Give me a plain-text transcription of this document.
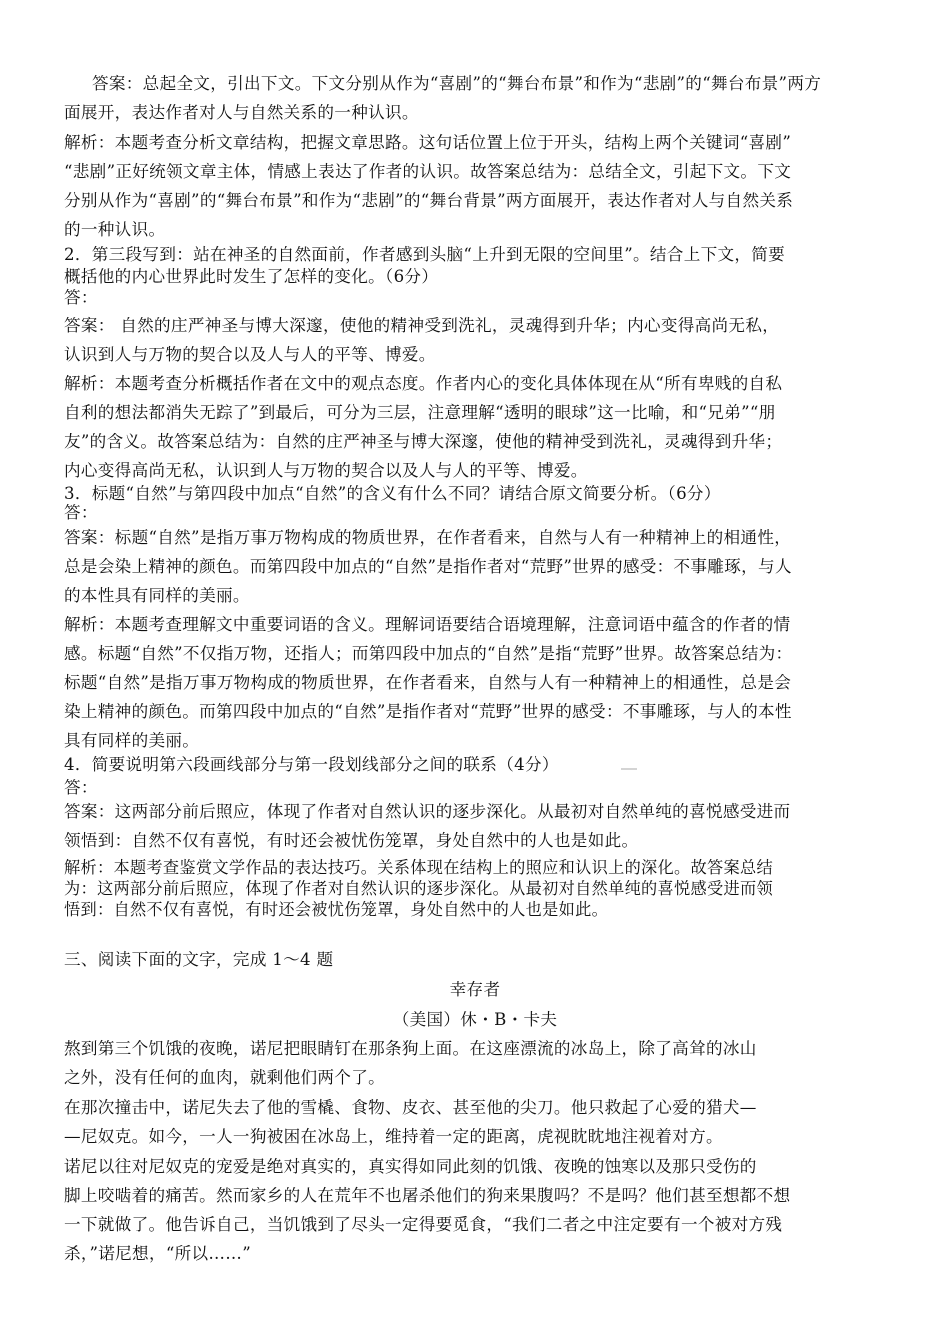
答案：总起全文，引出下文。下文分别从作为“喜剧”的“舞台布景”和作为“悲剧”的“舞台布景”两方
面展开，表达作者对人与自然关系的一种认识。
解析：本题考查分析文章结构，把握文章思路。这句话位置上位于开头，结构上两个关键词“喜剧”
“悲剧”正好统领文章主体，情感上表达了作者的认识。故答案总结为：总结全文，引起下文。下文
分别从作为“喜剧”的“舞台布景”和作为“悲剧”的“舞台背景”两方面展开，表达作者对人与自然关系
的一种认识。
2．第三段写到：站在神圣的自然面前，作者感到头脑“上升到无限的空间里”。结合上下文，简要
概括他的内心世界此时发生了怎样的变化。（6分）
答：
答案： 自然的庄严神圣与博大深邃，使他的精神受到洗礼，灵魂得到升华；内心变得高尚无私，
认识到人与万物的契合以及人与人的平等、博爱。
解析：本题考查分析概括作者在文中的观点态度。作者内心的变化具体体现在从“所有卑贱的自私
自利的想法都消失无踪了”到最后，可分为三层，注意理解“透明的眼球”这一比喻，和“兄弟”“朋
友”的含义。故答案总结为：自然的庄严神圣与博大深邃，使他的精神受到洗礼，灵魂得到升华；
内心变得高尚无私，认识到人与万物的契合以及人与人的平等、博爱。
3．标题“自然”与第四段中加点“自然”的含义有什么不同？请结合原文简要分析。（6分）
答：
答案：标题“自然”是指万事万物构成的物质世界，在作者看来，自然与人有一种精神上的相通性，
总是会染上精神的颜色。而第四段中加点的“自然”是指作者对“荒野”世界的感受：不事雕琢，与人
的本性具有同样的美丽。
解析：本题考查理解文中重要词语的含义。理解词语要结合语境理解，注意词语中蕴含的作者的情
感。标题“自然”不仅指万物，还指人；而第四段中加点的“自然”是指“荒野”世界。故答案总结为：
标题“自然”是指万事万物构成的物质世界，在作者看来，自然与人有一种精神上的相通性，总是会
染上精神的颜色。而第四段中加点的“自然”是指作者对“荒野”世界的感受：不事雕琢，与人的本性
具有同样的美丽。
4．简要说明第六段画线部分与第一段划线部分之间的联系（4分）
答：
答案：这两部分前后照应，体现了作者对自然认识的逐步深化。从最初对自然单纯的喜悦感受进而
领悟到：自然不仅有喜悦，有时还会被忧伤笼罩，身处自然中的人也是如此。
解析：本题考查鉴赏文学作品的表达技巧。关系体现在结构上的照应和认识上的深化。故答案总结
为：这两部分前后照应，体现了作者对自然认识的逐步深化。从最初对自然单纯的喜悦感受进而领
悟到：自然不仅有喜悦，有时还会被忧伤笼罩，身处自然中的人也是如此。
三、阅读下面的文字，完成 1～4 题
幸存者
（美国）休・B・卡夫
熬到第三个饥饿的夜晚，诺尼把眼睛钉在那条狗上面。在这座漂流的冰岛上，除了高耸的冰山
之外，没有任何的血肉，就剩他们两个了。
在那次撞击中，诺尼失去了他的雪橇、食物、皮衣、甚至他的尖刀。他只救起了心爱的猎犬—
—尼奴克。如今，一人一狗被困在冰岛上，维持着一定的距离，虎视眈眈地注视着对方。
诺尼以往对尼奴克的宠爱是绝对真实的，真实得如同此刻的饥饿、夜晚的蚀寒以及那只受伤的
脚上咬啮着的痛苦。然而家乡的人在荒年不也屠杀他们的狗来果腹吗？不是吗？他们甚至想都不想
一下就做了。他告诉自己，当饥饿到了尽头一定得要觅食，“我们二者之中注定要有一个被对方残
杀，”诺尼想，“所以……”
